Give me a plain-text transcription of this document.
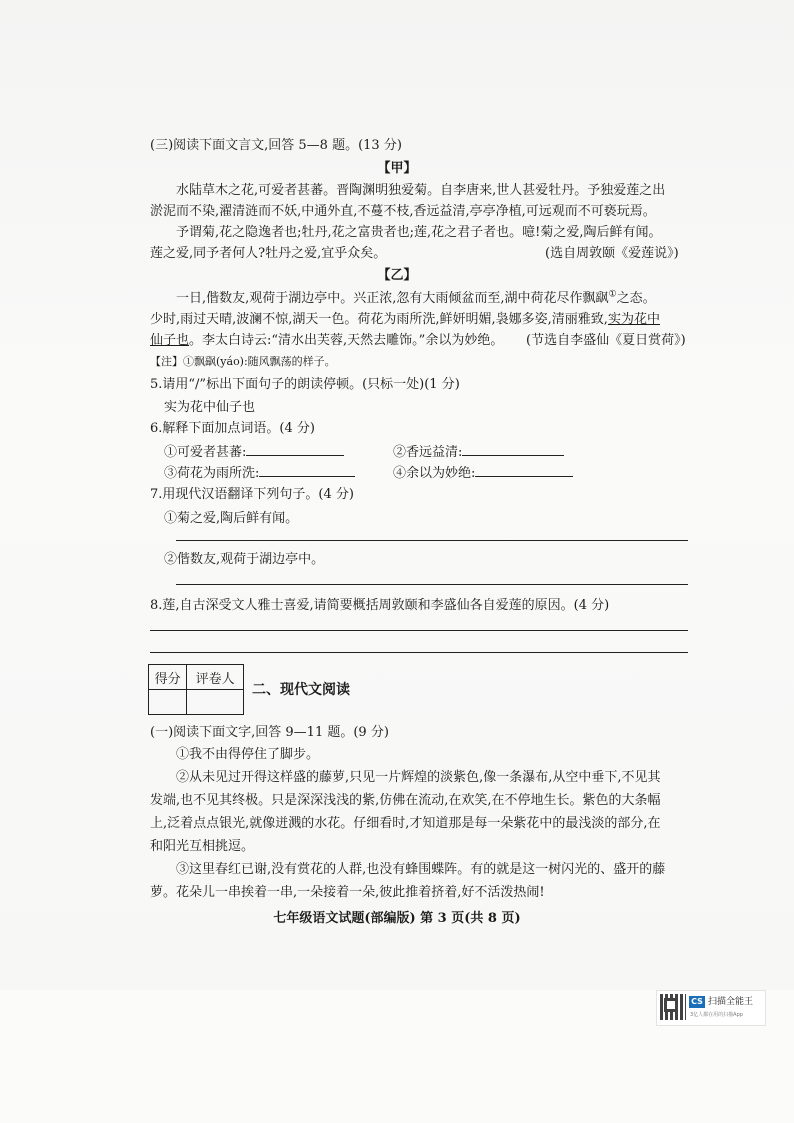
(三)阅读下面文言文,回答 5—8 题。(13 分)
【甲】
水陆草木之花,可爱者甚蕃。晋陶渊明独爱菊。自李唐来,世人甚爱牡丹。予独爱莲之出
淤泥而不染,濯清涟而不妖,中通外直,不蔓不枝,香远益清,亭亭净植,可远观而不可亵玩焉。
予谓菊,花之隐逸者也;牡丹,花之富贵者也;莲,花之君子者也。噫!菊之爱,陶后鲜有闻。
莲之爱,同予者何人?牡丹之爱,宜乎众矣。	(选自周敦颐《爱莲说》)
【乙】
一日,偕数友,观荷于湖边亭中。兴正浓,忽有大雨倾盆而至,湖中荷花尽作飘飖①之态。
少时,雨过天晴,波澜不惊,湖天一色。荷花为雨所洗,鲜妍明媚,袅娜多姿,清丽雅致,实为花中
仙子也。李太白诗云:“清水出芙蓉,天然去雕饰。”余以为妙绝。 (节选自李盛仙《夏日赏荷》)
【注】①飘飖(yáo):随风飘荡的样子。
5.请用“/”标出下面句子的朗读停顿。(只标一处)(1 分)
实为花中仙子也
6.解释下面加点词语。(4 分)
①可爱者甚蕃:	②香远益清:
③荷花为雨所洗:	④余以为妙绝:
7.用现代汉语翻译下列句子。(4 分)
①菊之爱,陶后鲜有闻。
②偕数友,观荷于湖边亭中。
8.莲,自古深受文人雅士喜爱,请简要概括周敦颐和李盛仙各自爱莲的原因。(4 分)
得分	评卷人

二、现代文阅读
(一)阅读下面文字,回答 9—11 题。(9 分)
①我不由得停住了脚步。
②从未见过开得这样盛的藤萝,只见一片辉煌的淡紫色,像一条瀑布,从空中垂下,不见其
发端,也不见其终极。只是深深浅浅的紫,仿佛在流动,在欢笑,在不停地生长。紫色的大条幅
上,泛着点点银光,就像迸溅的水花。仔细看时,才知道那是每一朵紫花中的最浅淡的部分,在
和阳光互相挑逗。
③这里春红已谢,没有赏花的人群,也没有蜂围蝶阵。有的就是这一树闪光的、盛开的藤
萝。花朵儿一串挨着一串,一朵接着一朵,彼此推着挤着,好不活泼热闹!
七年级语文试题(部编版) 第 3 页(共 8 页)
CS 扫描全能王
3亿人都在用的扫描App
